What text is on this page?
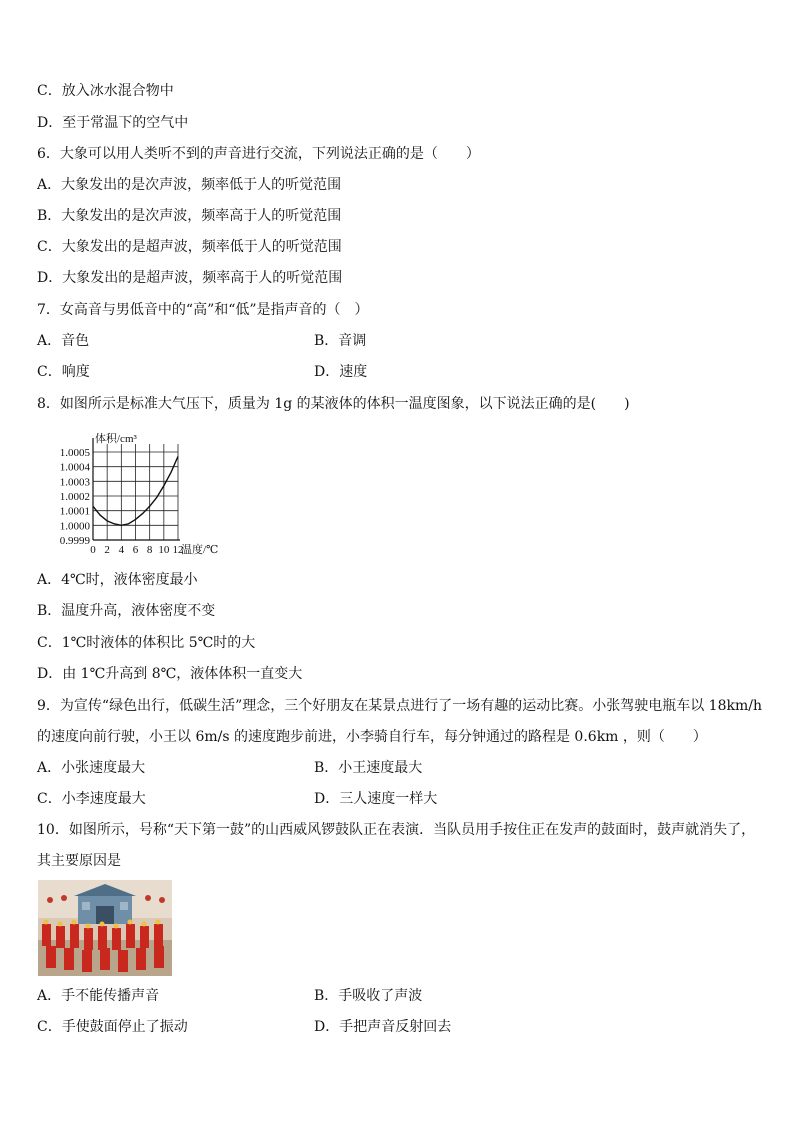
C．放入冰水混合物中
D．至于常温下的空气中
6．大象可以用人类听不到的声音进行交流，下列说法正确的是（　　）
A．大象发出的是次声波，频率低于人的听觉范围
B．大象发出的是次声波，频率高于人的听觉范围
C．大象发出的是超声波，频率低于人的听觉范围
D．大象发出的是超声波，频率高于人的听觉范围
7．女高音与男低音中的“高”和“低”是指声音的（　）
A．音色	B．音调
C．响度	D．速度
8．如图所示是标准大气压下，质量为 1g 的某液体的体积一温度图象，以下说法正确的是(　　)
0 2 4 6 8 10 12
0.9999
1.0000
1.0001
1.0002
1.0003
1.0004
1.0005
体积/cm³
温度/℃
A．4℃时，液体密度最小
B．温度升高，液体密度不变
C．1℃时液体的体积比 5℃时的大
D．由 1℃升高到 8℃，液体体积一直变大
9．为宣传“绿色出行，低碳生活”理念，三个好朋友在某景点进行了一场有趣的运动比赛。小张驾驶电瓶车以 18km/h
的速度向前行驶，小王以 6m/s 的速度跑步前进，小李骑自行车，每分钟通过的路程是 0.6km ，则（　　）
A．小张速度最大	B．小王速度最大
C．小李速度最大	D．三人速度一样大
10．如图所示，号称“天下第一鼓”的山西威风锣鼓队正在表演．当队员用手按住正在发声的鼓面时，鼓声就消失了，
其主要原因是
A．手不能传播声音	B．手吸收了声波
C．手使鼓面停止了振动	D．手把声音反射回去
